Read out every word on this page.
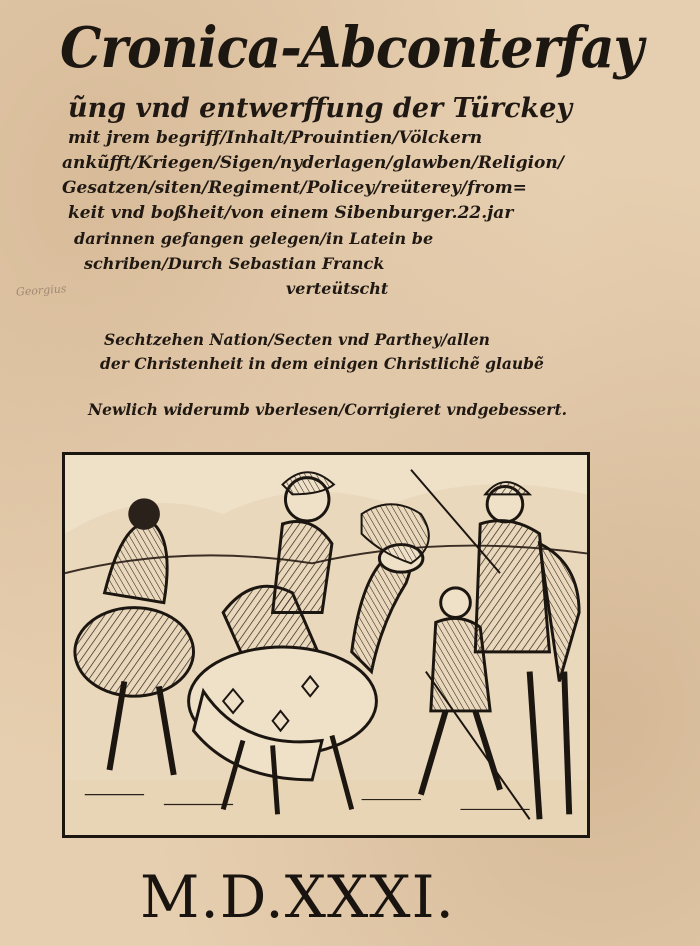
Cronica-Abconterfay
ũng vnd entwerffung der Türckey
mit jrem begriff/Inhalt/Prouintien/Völckern
ankũfft/Kriegen/Sigen/nyderlagen/glawben/Religion/
Gesatzen/siten/Regiment/Policey/reüterey/from=
keit vnd boßheit/von einem Sibenburger.22.jar
darinnen gefangen gelegen/in Latein be
schriben/Durch Sebastian Franck
verteütscht
Georgius
Sechtzehen Nation/Secten vnd Parthey/allen
der Christenheit in dem einigen Christlichẽ glaubẽ
Newlich widerumb vberlesen/Corrigieret vndgebessert.
M.D.XXXI.
